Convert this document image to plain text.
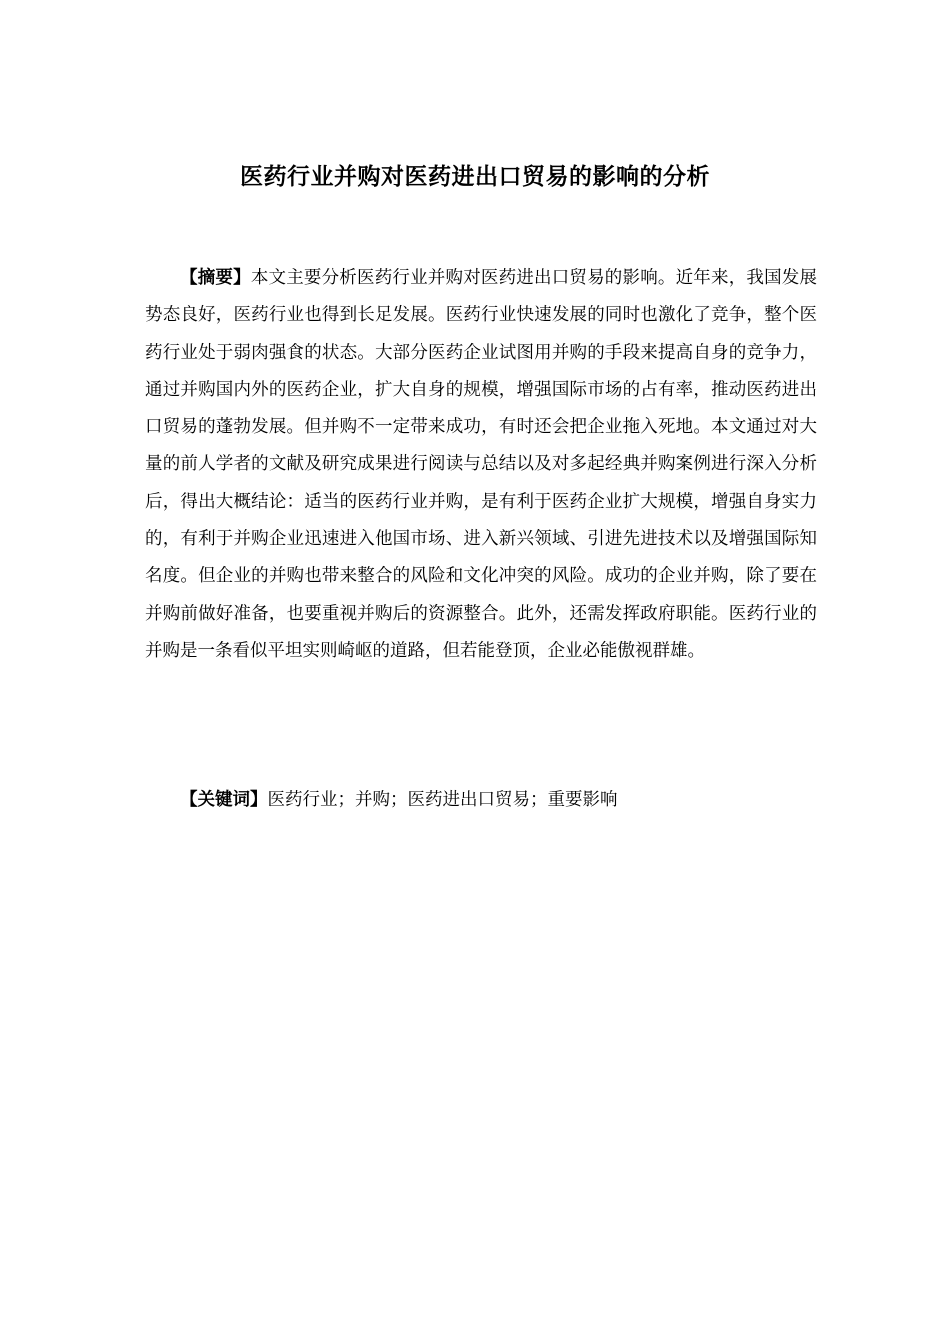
医药行业并购对医药进出口贸易的影响的分析

【摘要】本文主要分析医药行业并购对医药进出口贸易的影响。近年来，我国发展势态良好，医药行业也得到长足发展。医药行业快速发展的同时也激化了竞争，整个医药行业处于弱肉强食的状态。大部分医药企业试图用并购的手段来提高自身的竞争力，通过并购国内外的医药企业，扩大自身的规模，增强国际市场的占有率，推动医药进出口贸易的蓬勃发展。但并购不一定带来成功，有时还会把企业拖入死地。本文通过对大量的前人学者的文献及研究成果进行阅读与总结以及对多起经典并购案例进行深入分析后，得出大概结论：适当的医药行业并购，是有利于医药企业扩大规模，增强自身实力的，有利于并购企业迅速进入他国市场、进入新兴领域、引进先进技术以及增强国际知名度。但企业的并购也带来整合的风险和文化冲突的风险。成功的企业并购，除了要在并购前做好准备，也要重视并购后的资源整合。此外，还需发挥政府职能。医药行业的并购是一条看似平坦实则崎岖的道路，但若能登顶，企业必能傲视群雄。

【关键词】医药行业；并购；医药进出口贸易；重要影响
